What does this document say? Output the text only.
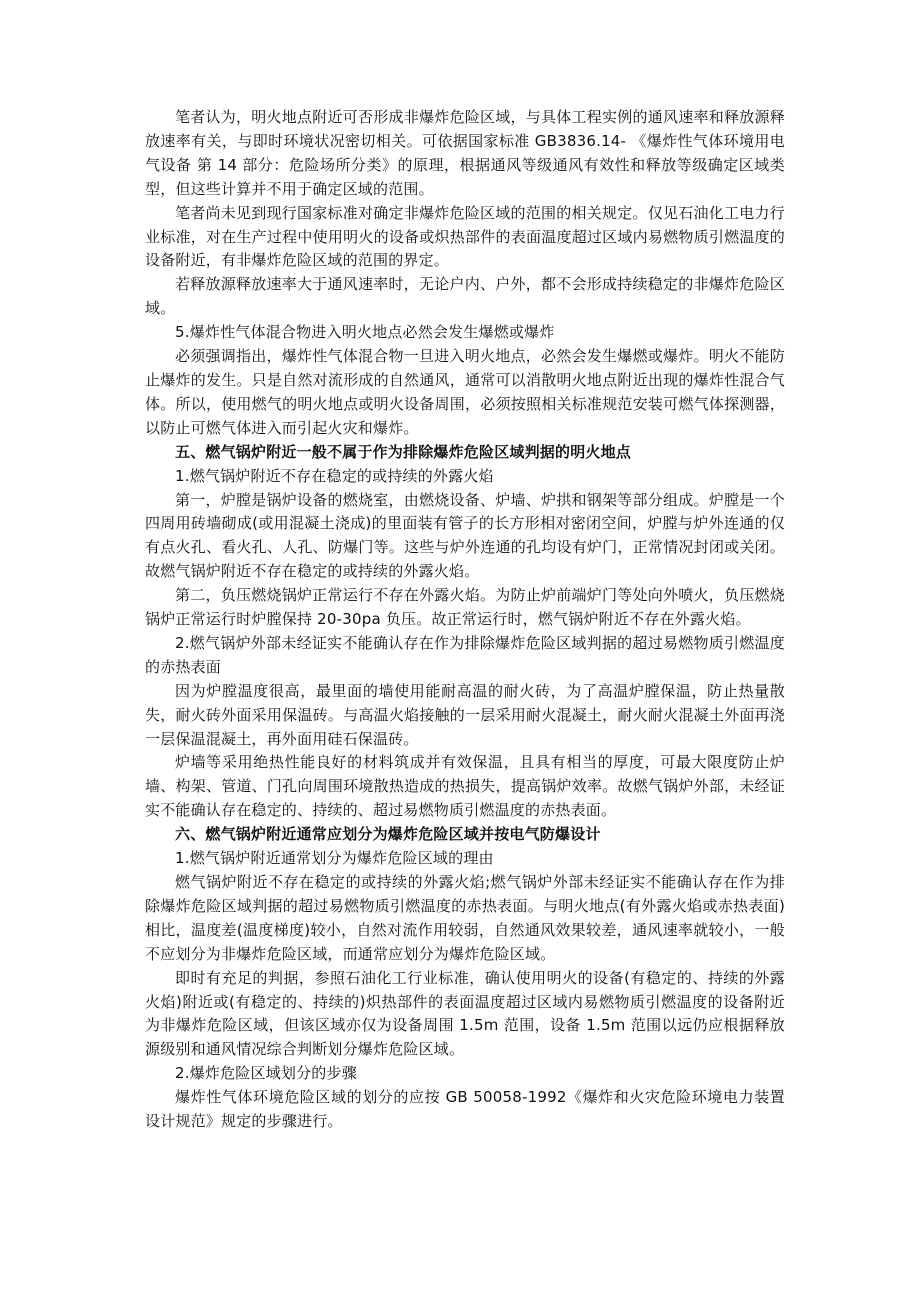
笔者认为，明火地点附近可否形成非爆炸危险区域，与具体工程实例的通风速率和释放源释放速率有关，与即时环境状况密切相关。可依据国家标准 GB3836.14- 《爆炸性气体环境用电气设备 第 14 部分：危险场所分类》的原理，根据通风等级通风有效性和释放等级确定区域类型，但这些计算并不用于确定区域的范围。

笔者尚未见到现行国家标准对确定非爆炸危险区域的范围的相关规定。仅见石油化工电力行业标准，对在生产过程中使用明火的设备或炽热部件的表面温度超过区域内易燃物质引燃温度的设备附近，有非爆炸危险区域的范围的界定。

若释放源释放速率大于通风速率时，无论户内、户外，都不会形成持续稳定的非爆炸危险区域。

5.爆炸性气体混合物进入明火地点必然会发生爆燃或爆炸

必须强调指出，爆炸性气体混合物一旦进入明火地点，必然会发生爆燃或爆炸。明火不能防止爆炸的发生。只是自然对流形成的自然通风，通常可以消散明火地点附近出现的爆炸性混合气体。所以，使用燃气的明火地点或明火设备周围，必须按照相关标准规范安装可燃气体探测器，以防止可燃气体进入而引起火灾和爆炸。

五、燃气锅炉附近一般不属于作为排除爆炸危险区域判据的明火地点

1.燃气锅炉附近不存在稳定的或持续的外露火焰

第一，炉膛是锅炉设备的燃烧室，由燃烧设备、炉墙、炉拱和钢架等部分组成。炉膛是一个四周用砖墙砌成(或用混凝土浇成)的里面装有管子的长方形相对密闭空间，炉膛与炉外连通的仅有点火孔、看火孔、人孔、防爆门等。这些与炉外连通的孔均设有炉门，正常情况封闭或关闭。故燃气锅炉附近不存在稳定的或持续的外露火焰。

第二，负压燃烧锅炉正常运行不存在外露火焰。为防止炉前端炉门等处向外喷火，负压燃烧锅炉正常运行时炉膛保持 20-30pa 负压。故正常运行时，燃气锅炉附近不存在外露火焰。

2.燃气锅炉外部未经证实不能确认存在作为排除爆炸危险区域判据的超过易燃物质引燃温度的赤热表面

因为炉膛温度很高，最里面的墙使用能耐高温的耐火砖，为了高温炉膛保温，防止热量散失，耐火砖外面采用保温砖。与高温火焰接触的一层采用耐火混凝土，耐火耐火混凝土外面再浇一层保温混凝土，再外面用硅石保温砖。

炉墙等采用绝热性能良好的材料筑成并有效保温，且具有相当的厚度，可最大限度防止炉墙、构架、管道、门孔向周围环境散热造成的热损失，提高锅炉效率。故燃气锅炉外部，未经证实不能确认存在稳定的、持续的、超过易燃物质引燃温度的赤热表面。

六、燃气锅炉附近通常应划分为爆炸危险区域并按电气防爆设计

1.燃气锅炉附近通常划分为爆炸危险区域的理由

燃气锅炉附近不存在稳定的或持续的外露火焰;燃气锅炉外部未经证实不能确认存在作为排除爆炸危险区域判据的超过易燃物质引燃温度的赤热表面。与明火地点(有外露火焰或赤热表面)相比，温度差(温度梯度)较小，自然对流作用较弱，自然通风效果较差，通风速率就较小，一般不应划分为非爆炸危险区域，而通常应划分为爆炸危险区域。

即时有充足的判据，参照石油化工行业标准，确认使用明火的设备(有稳定的、持续的外露火焰)附近或(有稳定的、持续的)炽热部件的表面温度超过区域内易燃物质引燃温度的设备附近为非爆炸危险区域，但该区域亦仅为设备周围 1.5m 范围，设备 1.5m 范围以远仍应根据释放源级别和通风情况综合判断划分爆炸危险区域。

2.爆炸危险区域划分的步骤

爆炸性气体环境危险区域的划分的应按 GB 50058-1992《爆炸和火灾危险环境电力装置设计规范》规定的步骤进行。
